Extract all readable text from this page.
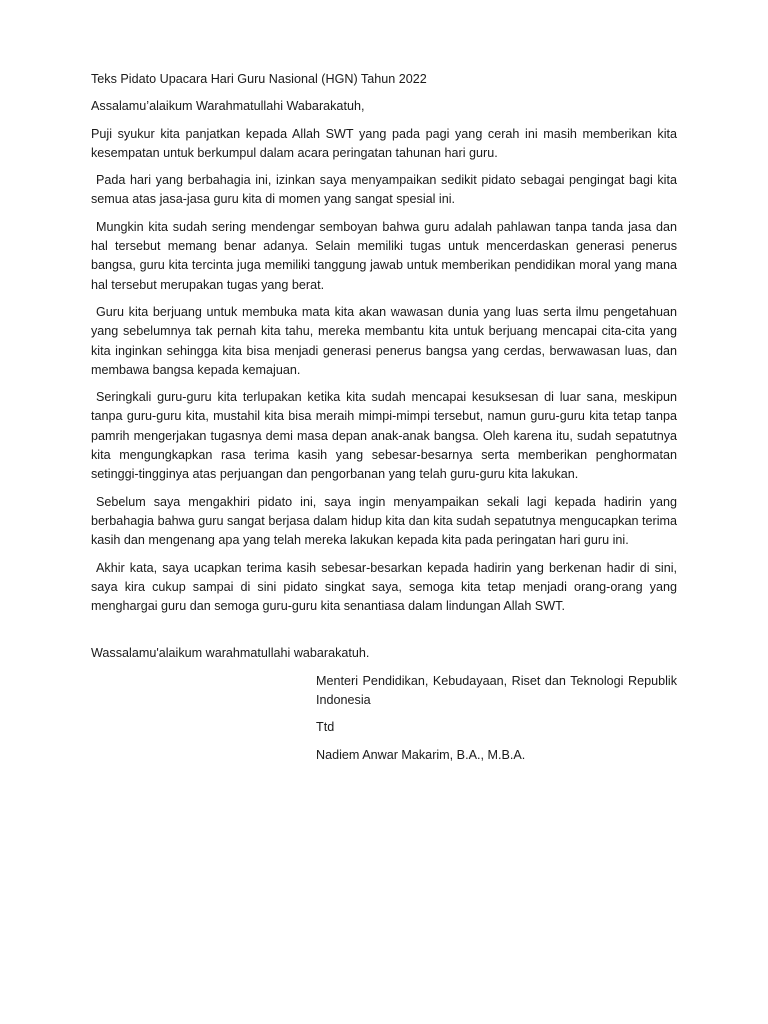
Teks Pidato Upacara Hari Guru Nasional (HGN) Tahun 2022

Assalamu’alaikum Warahmatullahi Wabarakatuh,

Puji syukur kita panjatkan kepada Allah SWT yang pada pagi yang cerah ini masih memberikan kita kesempatan untuk berkumpul dalam acara peringatan tahunan hari guru.

Pada hari yang berbahagia ini, izinkan saya menyampaikan sedikit pidato sebagai pengingat bagi kita semua atas jasa-jasa guru kita di momen yang sangat spesial ini.

Mungkin kita sudah sering mendengar semboyan bahwa guru adalah pahlawan tanpa tanda jasa dan hal tersebut memang benar adanya. Selain memiliki tugas untuk mencerdaskan generasi penerus bangsa, guru kita tercinta juga memiliki tanggung jawab untuk memberikan pendidikan moral yang mana hal tersebut merupakan tugas yang berat.

Guru kita berjuang untuk membuka mata kita akan wawasan dunia yang luas serta ilmu pengetahuan yang sebelumnya tak pernah kita tahu, mereka membantu kita untuk berjuang mencapai cita-cita yang kita inginkan sehingga kita bisa menjadi generasi penerus bangsa yang cerdas, berwawasan luas, dan membawa bangsa kepada kemajuan.

Seringkali guru-guru kita terlupakan ketika kita sudah mencapai kesuksesan di luar sana, meskipun tanpa guru-guru kita, mustahil kita bisa meraih mimpi-mimpi tersebut, namun guru-guru kita tetap tanpa pamrih mengerjakan tugasnya demi masa depan anak-anak bangsa. Oleh karena itu, sudah sepatutnya kita mengungkapkan rasa terima kasih yang sebesar-besarnya serta memberikan penghormatan setinggi-tingginya atas perjuangan dan pengorbanan yang telah guru-guru kita lakukan.

Sebelum saya mengakhiri pidato ini, saya ingin menyampaikan sekali lagi kepada hadirin yang berbahagia bahwa guru sangat berjasa dalam hidup kita dan kita sudah sepatutnya mengucapkan terima kasih dan mengenang apa yang telah mereka lakukan kepada kita pada peringatan hari guru ini.

Akhir kata, saya ucapkan terima kasih sebesar-besarkan kepada hadirin yang berkenan hadir di sini, saya kira cukup sampai di sini pidato singkat saya, semoga kita tetap menjadi orang-orang yang menghargai guru dan semoga guru-guru kita senantiasa dalam lindungan Allah SWT.

Wassalamu'alaikum warahmatullahi wabarakatuh.

Menteri Pendidikan, Kebudayaan, Riset dan Teknologi Republik Indonesia

Ttd

Nadiem Anwar Makarim, B.A., M.B.A.
